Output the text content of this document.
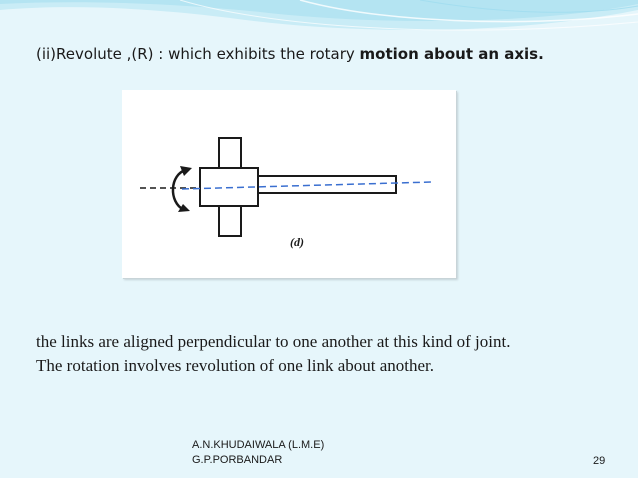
(ii)Revolute ,(R) : which exhibits the rotary motion about an axis.
(d)
the links are aligned perpendicular to one another at this kind of joint.
The rotation involves revolution of one link about another.
A.N.KHUDAIWALA (L.M.E)
G.P.PORBANDAR	29
